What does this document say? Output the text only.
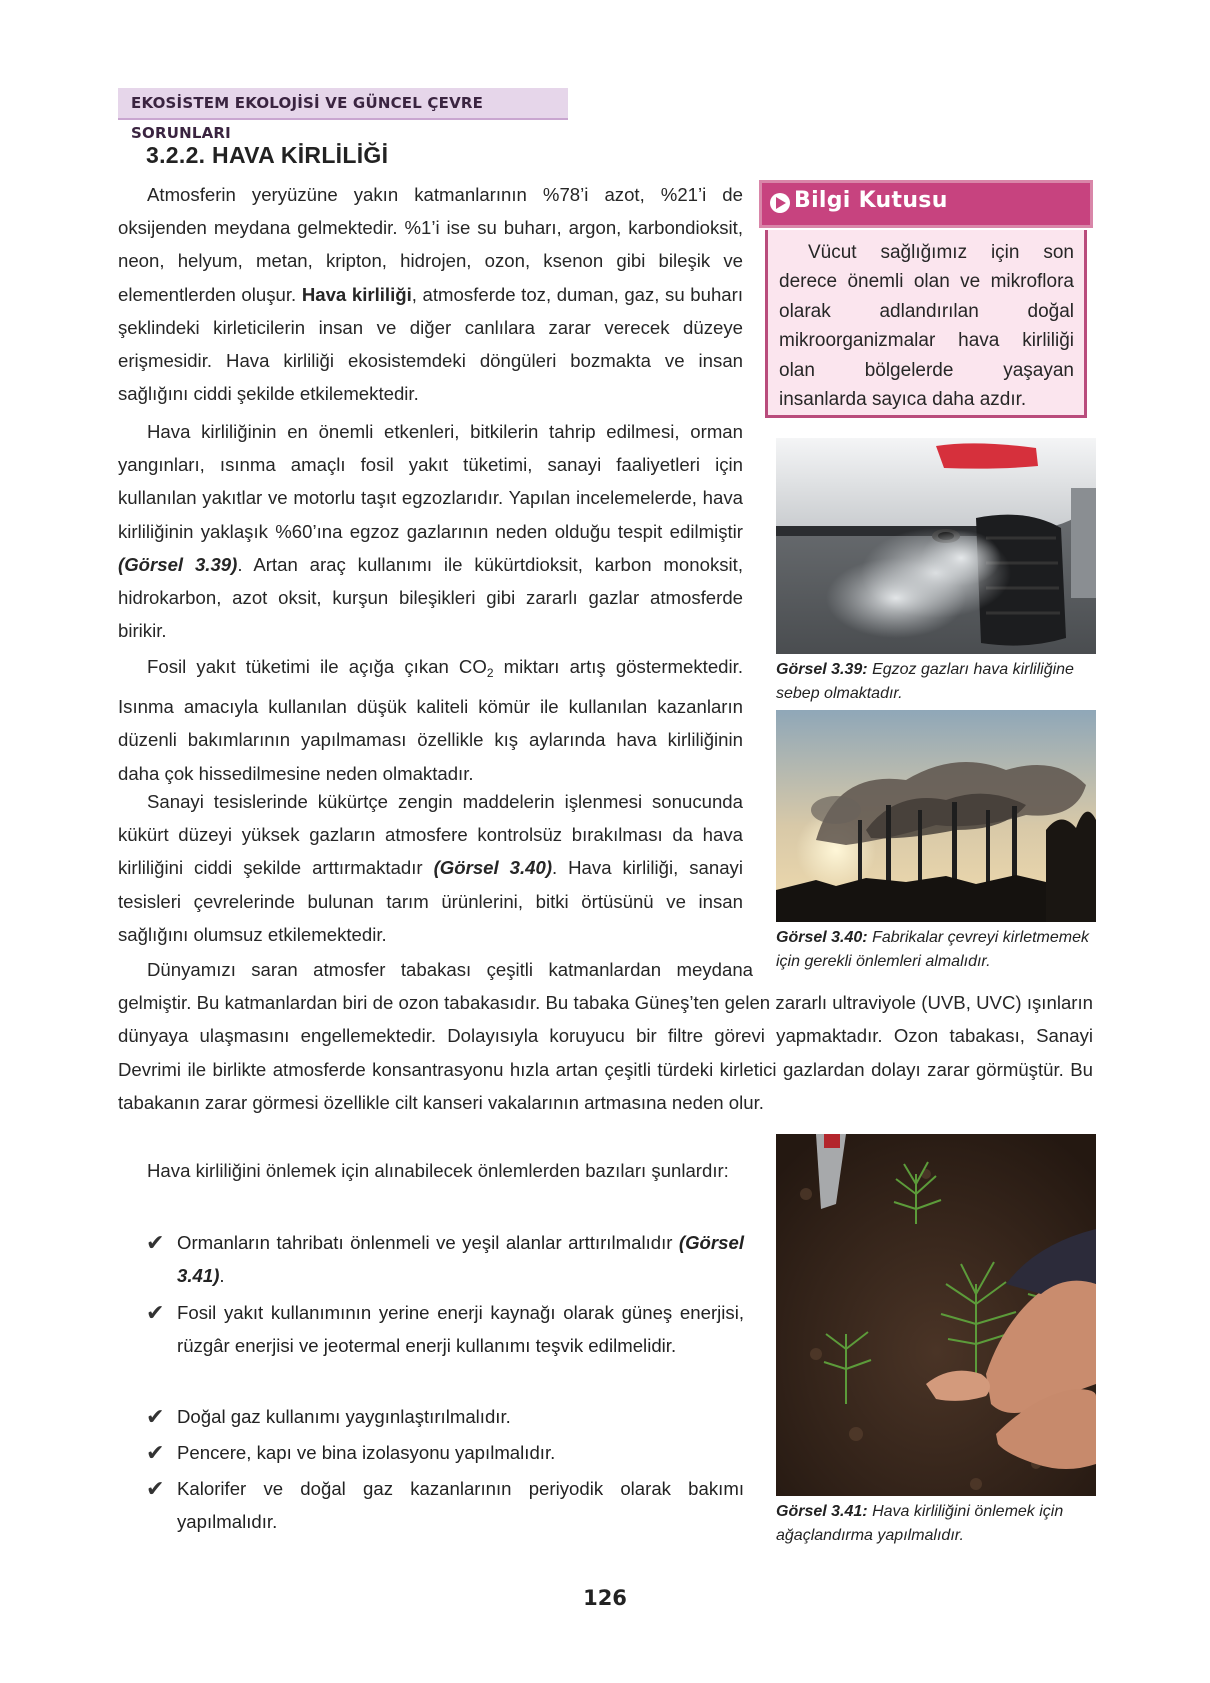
EKOSİSTEM EKOLOJİSİ VE GÜNCEL ÇEVRE SORUNLARI
3.2.2. HAVA KİRLİLİĞİ

Atmosferin yeryüzüne yakın katmanlarının %78’i azot, %21’i de oksijenden meydana gelmektedir. %1’i ise su buharı, argon, karbondioksit, neon, helyum, metan, kripton, hidrojen, ozon, ksenon gibi bileşik ve elementlerden oluşur. Hava kirliliği, atmosferde toz, duman, gaz, su buharı şeklindeki kirleticilerin insan ve diğer canlılara zarar verecek düzeye erişmesidir. Hava kirliliği ekosistemdeki döngüleri bozmakta ve insan sağlığını ciddi şekilde etkilemektedir.

Hava kirliliğinin en önemli etkenleri, bitkilerin tahrip edilmesi, orman yangınları, ısınma amaçlı fosil yakıt tüketimi, sanayi faaliyetleri için kullanılan yakıtlar ve motorlu taşıt egzozlarıdır. Yapılan incelemelerde, hava kirliliğinin yaklaşık %60’ına egzoz gazlarının neden olduğu tespit edilmiştir (Görsel 3.39). Artan araç kullanımı ile kükürtdioksit, karbon monoksit, hidrokarbon, azot oksit, kurşun bileşikleri gibi zararlı gazlar atmosferde birikir.

Fosil yakıt tüketimi ile açığa çıkan $CO_2$ miktarı artış göstermektedir. Isınma amacıyla kullanılan düşük kaliteli kömür ile kullanılan kazanların düzenli bakımlarının yapılmaması özellikle kış aylarında hava kirliliğinin daha çok hissedilmesine neden olmaktadır.

Sanayi tesislerinde kükürtçe zengin maddelerin işlenmesi sonucunda kükürt düzeyi yüksek gazların atmosfere kontrolsüz bırakılması da hava kirliliğini ciddi şekilde arttırmaktadır (Görsel 3.40). Hava kirliliği, sanayi tesisleri çevrelerinde bulunan tarım ürünlerini, bitki örtüsünü ve insan sağlığını olumsuz etkilemektedir.

Dünyamızı saran atmosfer tabakası çeşitli katmanlardan meydana gelmiştir. Bu katmanlardan biri de ozon tabakasıdır. Bu tabaka Güneş’ten gelen zararlı ultraviyole (UVB, UVC) ışınların dünyaya ulaşmasını engellemektedir. Dolayısıyla koruyucu bir filtre görevi yapmaktadır. Ozon tabakası, Sanayi Devrimi ile birlikte atmosferde konsantrasyonu hızla artan çeşitli türdeki kirletici gazlardan dolayı zarar görmüştür. Bu tabakanın zarar görmesi özellikle cilt kanseri vakalarının artmasına neden olur.

Hava kirliliğini önlemek için alınabilecek önlemlerden bazıları şunlardır:

✔ Ormanların tahribatı önlenmeli ve yeşil alanlar arttırılmalıdır (Görsel 3.41).
✔ Fosil yakıt kullanımının yerine enerji kaynağı olarak güneş enerjisi, rüzgâr enerjisi ve jeotermal enerji kullanımı teşvik edilmelidir.
✔ Doğal gaz kullanımı yaygınlaştırılmalıdır.
✔ Pencere, kapı ve bina izolasyonu yapılmalıdır.
✔ Kalorifer ve doğal gaz kazanlarının periyodik olarak bakımı yapılmalıdır.
Bilgi Kutusu
Vücut sağlığımız için son derece önemli olan ve mikroflora olarak adlandırılan doğal mikroorganizmalar hava kirliliği olan bölgelerde yaşayan insanlarda sayıca daha azdır.
Görsel 3.39: Egzoz gazları hava kirliliğine sebep olmaktadır.
Görsel 3.40: Fabrikalar çevreyi kirletmemek için gerekli önlemleri almalıdır.
Görsel 3.41: Hava kirliliğini önlemek için ağaçlandırma yapılmalıdır.
126
